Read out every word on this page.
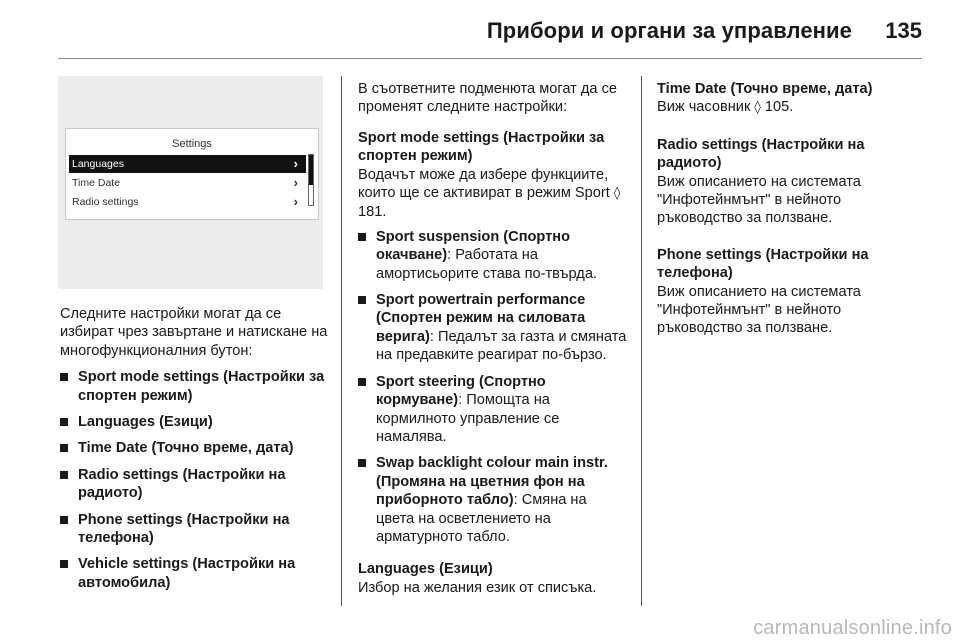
Прибори и органи за управление 135
Settings
Languages	›
Time Date	›
Radio settings	›

Следните настройки могат да се избират чрез завъртане и натискане на многофункционалния бутон:

Sport mode settings (Настройки за спортен режим)
Languages (Езици)
Time Date (Точно време, дата)
Radio settings (Настройки на радиото)
Phone settings (Настройки на телефона)
Vehicle settings (Настройки на автомобила)

В съответните подменюта могат да се променят следните настройки:

Sport mode settings (Настройки за спортен режим)
Водачът може да избере функциите, които ще се активират в режим Sport ◊ 181.

Sport suspension (Спортно окачване): Работата на амортисьорите става по-твърда.
Sport powertrain performance (Спортен режим на силовата верига): Педалът за газта и смяната на предавките реагират по-бързо.
Sport steering (Спортно кормуване): Помощта на кормилното управление се намалява.
Swap backlight colour main instr. (Промяна на цветния фон на приборното табло): Смяна на цвета на осветлението на арматурното табло.

Languages (Езици)
Избор на желания език от списъка.

Time Date (Точно време, дата)
Виж часовник ◊ 105.

Radio settings (Настройки на радиото)
Виж описанието на системата "Инфотейнмънт" в нейното ръководство за ползване.

Phone settings (Настройки на телефона)
Виж описанието на системата "Инфотейнмънт" в нейното ръководство за ползване.

carmanualsonline.info
